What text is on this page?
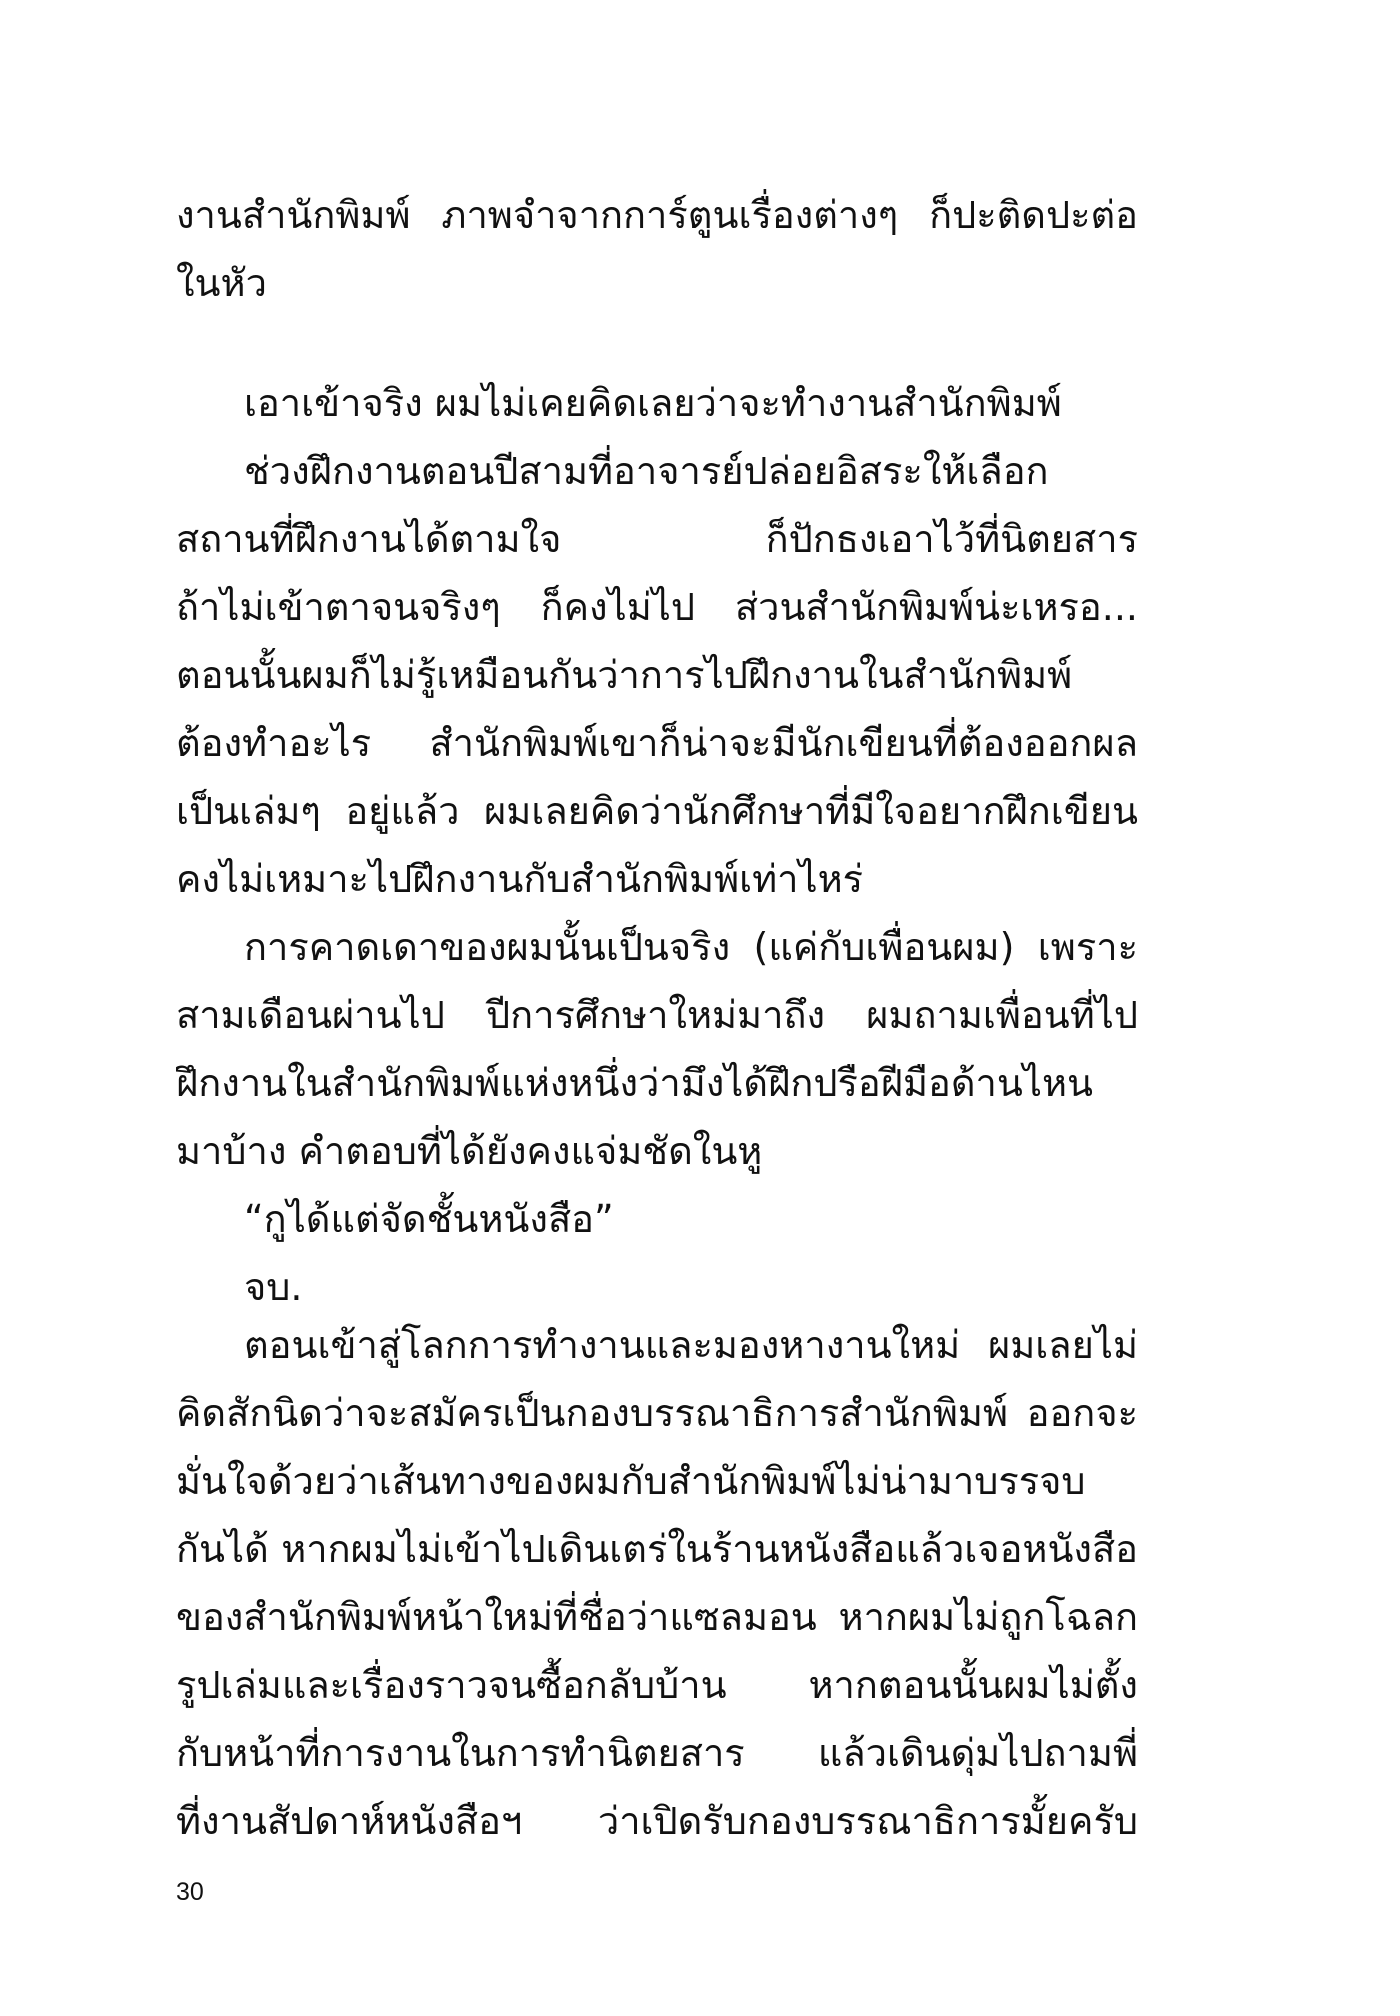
งานสำนักพิมพ์ ภาพจำจากการ์ตูนเรื่องต่างๆ ก็ปะติดปะต่อ
ในหัว
เอาเข้าจริง ผมไม่เคยคิดเลยว่าจะทำงานสำนักพิมพ์
ช่วงฝึกงานตอนปีสามที่อาจารย์ปล่อยอิสระให้เลือก
สถานที่ฝึกงานได้ตามใจ ก็ปักธงเอาไว้ที่นิตยสาร
ถ้าไม่เข้าตาจนจริงๆ ก็คงไม่ไป ส่วนสำนักพิมพ์น่ะเหรอ...
ตอนนั้นผมก็ไม่รู้เหมือนกันว่าการไปฝึกงานในสำนักพิมพ์
ต้องทำอะไร สำนักพิมพ์เขาก็น่าจะมีนักเขียนที่ต้องออกผล
เป็นเล่มๆ อยู่แล้ว ผมเลยคิดว่านักศึกษาที่มีใจอยากฝึกเขียน
คงไม่เหมาะไปฝึกงานกับสำนักพิมพ์เท่าไหร่
การคาดเดาของผมนั้นเป็นจริง (แค่กับเพื่อนผม) เพราะ
สามเดือนผ่านไป ปีการศึกษาใหม่มาถึง ผมถามเพื่อนที่ไป
ฝึกงานในสำนักพิมพ์แห่งหนึ่งว่ามึงได้ฝึกปรือฝีมือด้านไหน
มาบ้าง คำตอบที่ได้ยังคงแจ่มชัดในหู
“กูได้แต่จัดชั้นหนังสือ”
จบ.
ตอนเข้าสู่โลกการทำงานและมองหางานใหม่ ผมเลยไม่
คิดสักนิดว่าจะสมัครเป็นกองบรรณาธิการสำนักพิมพ์ ออกจะ
มั่นใจด้วยว่าเส้นทางของผมกับสำนักพิมพ์ไม่น่ามาบรรจบ
กันได้ หากผมไม่เข้าไปเดินเตร่ในร้านหนังสือแล้วเจอหนังสือ
ของสำนักพิมพ์หน้าใหม่ที่ชื่อว่าแซลมอน หากผมไม่ถูกโฉลก
รูปเล่มและเรื่องราวจนซื้อกลับบ้าน หากตอนนั้นผมไม่ตั้ง
กับหน้าที่การงานในการทำนิตยสาร แล้วเดินดุ่มไปถามพี่
ที่งานสัปดาห์หนังสือฯ ว่าเปิดรับกองบรรณาธิการมั้ยครับ
30
